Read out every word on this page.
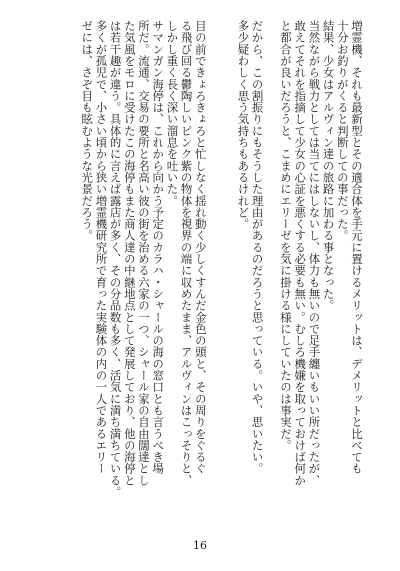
増霊機、それも最新型とその適合体を手元に置けるメリットは、デメリットと比べても
十分お釣りがくると判断しての事だった。
結果、少女はアルヴィン達の旅路に加わる事となった。
当然ながら戦力としては当てにはしないし、体力も無いので足手纏いもいい所だったが、
敢えてそれを指摘して少女の心証を悪くする必要も無い。むしろ機嫌を取っておけば何か
と都合が良いだろうと、こまめにエリーゼを気に掛ける様にしていたのは事実だ。
だから、この割振りにもそうした理由があるのだろうと思っている。いや、思いたい。
多少疑わしく思う気持ちもあるけれど。
目の前できょろきょろと忙しなく揺れ動く少しくすんだ金色の頭と、その周りをぐるぐ
る飛び回る鬱陶しいピンク紫の物体を視界の端に収めたまま、アルヴィンはこっそりと、
しかし重く長く深い溜息を吐いた。
サマンガン海停は、これから向かう予定のカラハ・シャールの海の窓口とも言うべき場
所だ。流通、交易の要所と名高い彼の街を治める六家の一つ、シャール家の自由闊達とし
た気風をモロに受けたこの海停もまた商人達の中継地点として発展しており、他の海停と
は若干趣が違う。具体的に言えば露店が多く、その分品数も多く、活気に満ち満ちている。
多くが孤児で、小さい頃から狭い増霊機研究所で育った実験体の内の一人であるエリー
ゼには、さぞ目も眩むような光景だろう。
16
